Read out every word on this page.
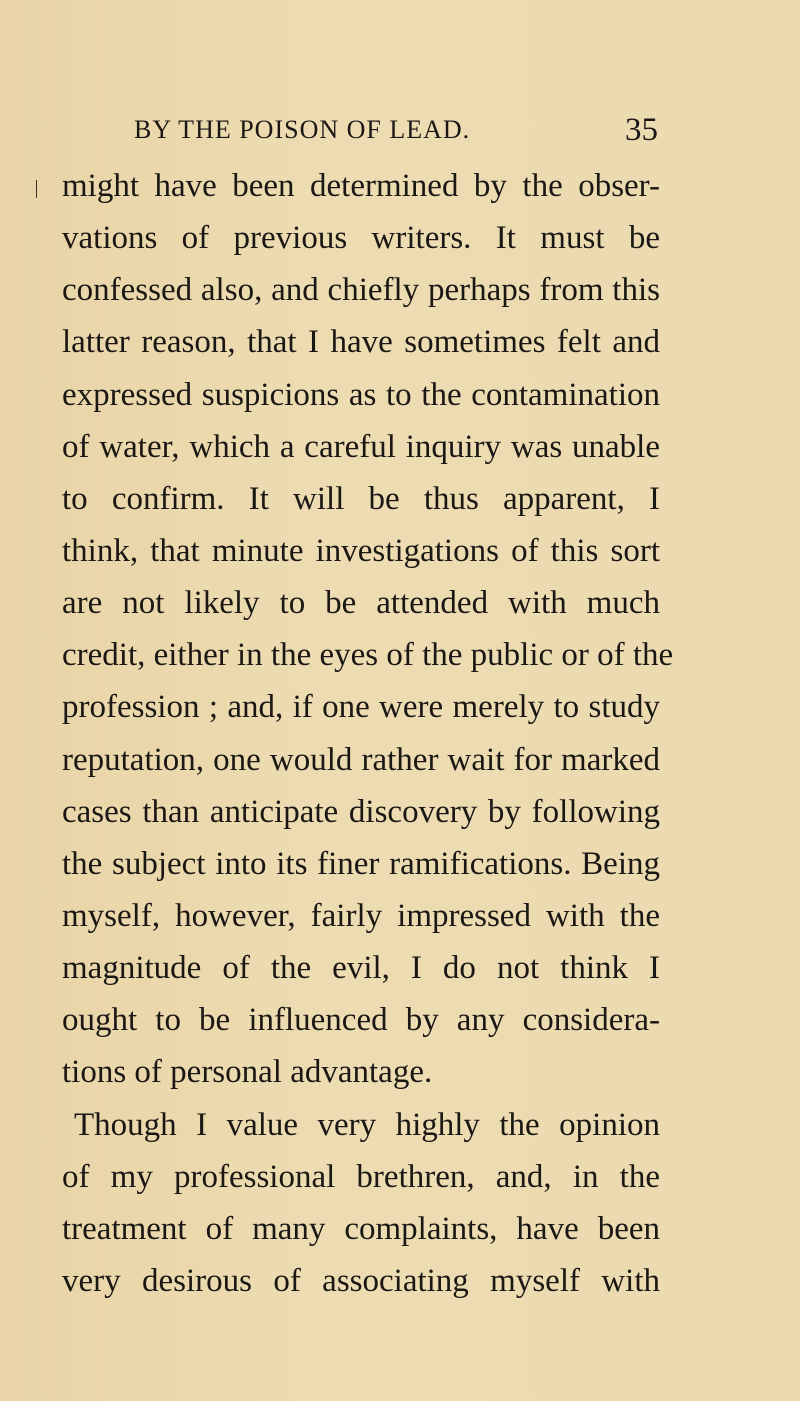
BY THE POISON OF LEAD.	35
might have been determined by the obser-
vations of previous writers. It must be
confessed also, and chiefly perhaps from this
latter reason, that I have sometimes felt and
expressed suspicions as to the contamination
of water, which a careful inquiry was unable
to confirm. It will be thus apparent, I
think, that minute investigations of this sort
are not likely to be attended with much
credit, either in the eyes of the public or of the
profession ; and, if one were merely to study
reputation, one would rather wait for marked
cases than anticipate discovery by following
the subject into its finer ramifications. Being
myself, however, fairly impressed with the
magnitude of the evil, I do not think I
ought to be influenced by any considera-
tions of personal advantage.
Though I value very highly the opinion
of my professional brethren, and, in the
treatment of many complaints, have been
very desirous of associating myself with
